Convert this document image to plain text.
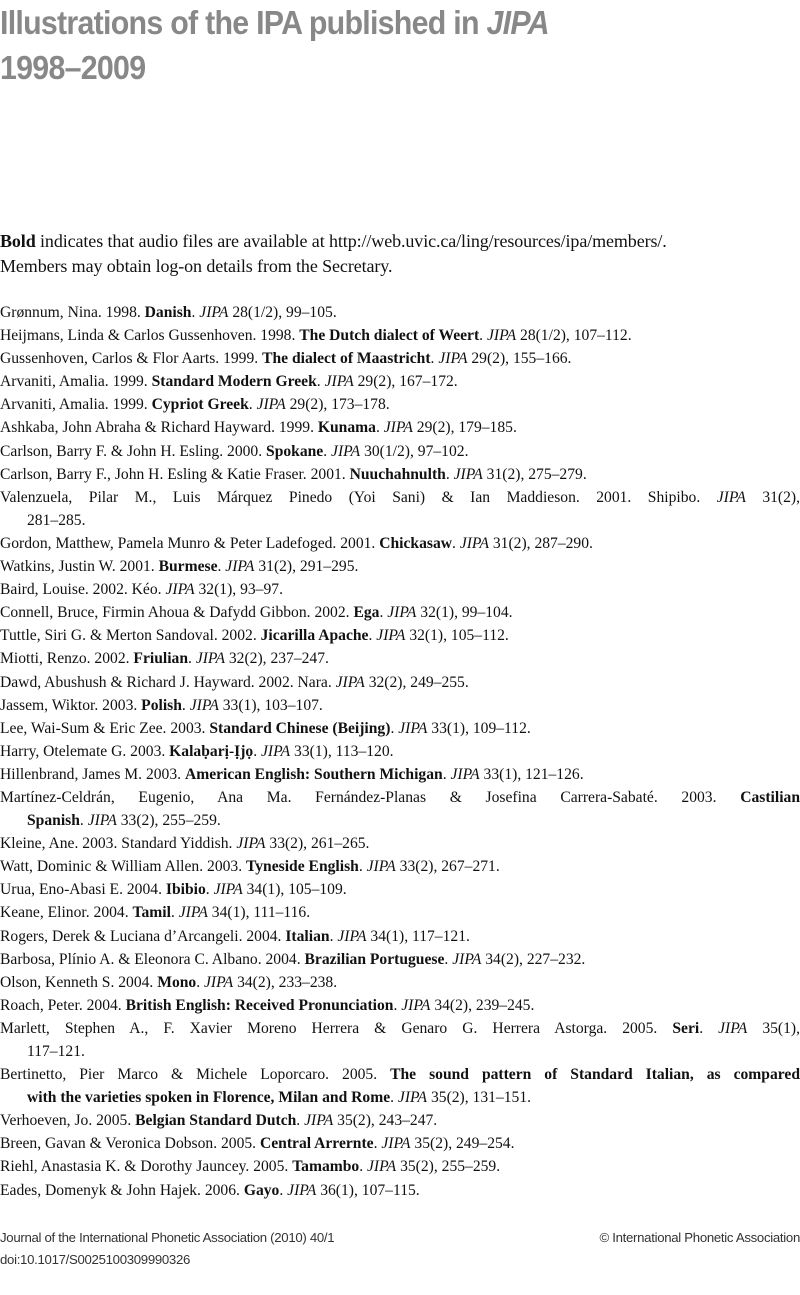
Illustrations of the IPA published in JIPA
1998–2009

Bold indicates that audio files are available at http://web.uvic.ca/ling/resources/ipa/members/.
Members may obtain log-on details from the Secretary.

Grønnum, Nina. 1998. Danish. JIPA 28(1/2), 99–105.
Heijmans, Linda & Carlos Gussenhoven. 1998. The Dutch dialect of Weert. JIPA 28(1/2), 107–112.
Gussenhoven, Carlos & Flor Aarts. 1999. The dialect of Maastricht. JIPA 29(2), 155–166.
Arvaniti, Amalia. 1999. Standard Modern Greek. JIPA 29(2), 167–172.
Arvaniti, Amalia. 1999. Cypriot Greek. JIPA 29(2), 173–178.
Ashkaba, John Abraha & Richard Hayward. 1999. Kunama. JIPA 29(2), 179–185.
Carlson, Barry F. & John H. Esling. 2000. Spokane. JIPA 30(1/2), 97–102.
Carlson, Barry F., John H. Esling & Katie Fraser. 2001. Nuuchahnulth. JIPA 31(2), 275–279.
Valenzuela, Pilar M., Luis Márquez Pinedo (Yoi Sani) & Ian Maddieson. 2001. Shipibo. JIPA 31(2),
281–285.
Gordon, Matthew, Pamela Munro & Peter Ladefoged. 2001. Chickasaw. JIPA 31(2), 287–290.
Watkins, Justin W. 2001. Burmese. JIPA 31(2), 291–295.
Baird, Louise. 2002. Kéo. JIPA 32(1), 93–97.
Connell, Bruce, Firmin Ahoua & Dafydd Gibbon. 2002. Ega. JIPA 32(1), 99–104.
Tuttle, Siri G. & Merton Sandoval. 2002. Jicarilla Apache. JIPA 32(1), 105–112.
Miotti, Renzo. 2002. Friulian. JIPA 32(2), 237–247.
Dawd, Abushush & Richard J. Hayward. 2002. Nara. JIPA 32(2), 249–255.
Jassem, Wiktor. 2003. Polish. JIPA 33(1), 103–107.
Lee, Wai-Sum & Eric Zee. 2003. Standard Chinese (Beijing). JIPA 33(1), 109–112.
Harry, Otelemate G. 2003. Kalaḅarị-Ịjọ. JIPA 33(1), 113–120.
Hillenbrand, James M. 2003. American English: Southern Michigan. JIPA 33(1), 121–126.
Martínez-Celdrán, Eugenio, Ana Ma. Fernández-Planas & Josefina Carrera-Sabaté. 2003. Castilian
Spanish. JIPA 33(2), 255–259.
Kleine, Ane. 2003. Standard Yiddish. JIPA 33(2), 261–265.
Watt, Dominic & William Allen. 2003. Tyneside English. JIPA 33(2), 267–271.
Urua, Eno-Abasi E. 2004. Ibibio. JIPA 34(1), 105–109.
Keane, Elinor. 2004. Tamil. JIPA 34(1), 111–116.
Rogers, Derek & Luciana d’Arcangeli. 2004. Italian. JIPA 34(1), 117–121.
Barbosa, Plínio A. & Eleonora C. Albano. 2004. Brazilian Portuguese. JIPA 34(2), 227–232.
Olson, Kenneth S. 2004. Mono. JIPA 34(2), 233–238.
Roach, Peter. 2004. British English: Received Pronunciation. JIPA 34(2), 239–245.
Marlett, Stephen A., F. Xavier Moreno Herrera & Genaro G. Herrera Astorga. 2005. Seri. JIPA 35(1),
117–121.
Bertinetto, Pier Marco & Michele Loporcaro. 2005. The sound pattern of Standard Italian, as compared
with the varieties spoken in Florence, Milan and Rome. JIPA 35(2), 131–151.
Verhoeven, Jo. 2005. Belgian Standard Dutch. JIPA 35(2), 243–247.
Breen, Gavan & Veronica Dobson. 2005. Central Arrernte. JIPA 35(2), 249–254.
Riehl, Anastasia K. & Dorothy Jauncey. 2005. Tamambo. JIPA 35(2), 255–259.
Eades, Domenyk & John Hajek. 2006. Gayo. JIPA 36(1), 107–115.
Journal of the International Phonetic Association (2010) 40/1	© International Phonetic Association
doi:10.1017/S0025100309990326
